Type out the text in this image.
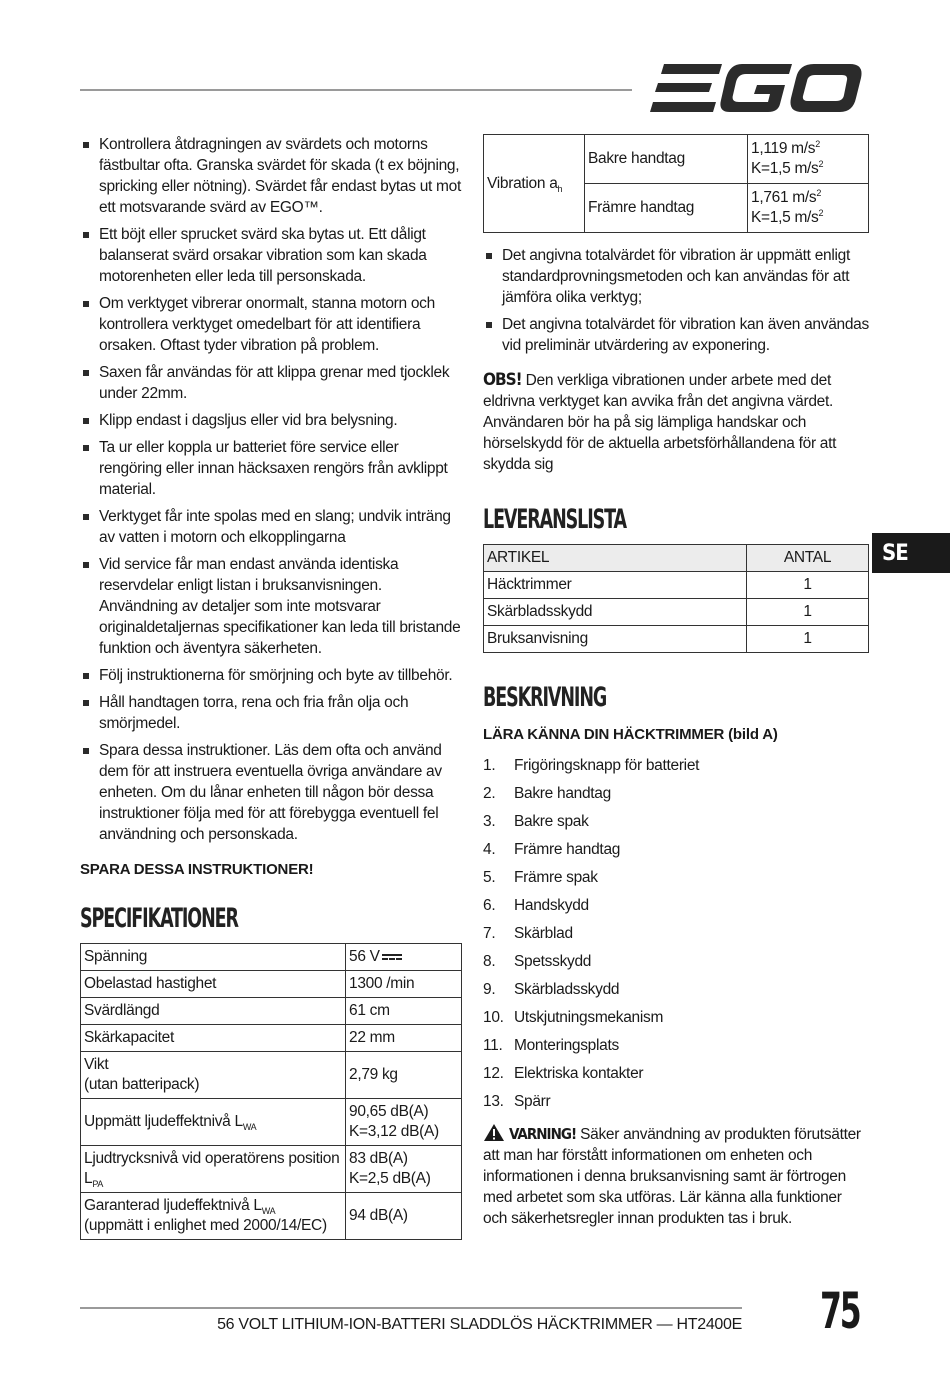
Kontrollera åtdragningen av svärdets och motorns fästbultar ofta. Granska svärdet för skada (t ex böjning, spricking eller nötning). Svärdet får endast bytas ut mot ett motsvarande svärd av EGO™.
Ett böjt eller sprucket svärd ska bytas ut. Ett dåligt balanserat svärd orsakar vibration som kan skada motorenheten eller leda till personskada.
Om verktyget vibrerar onormalt, stanna motorn och kontrollera verktyget omedelbart för att identifiera orsaken. Oftast tyder vibration på problem.
Saxen får användas för att klippa grenar med tjocklek under 22mm.
Klipp endast i dagsljus eller vid bra belysning.
Ta ur eller koppla ur batteriet före service eller rengöring eller innan häcksaxen rengörs från avklippt material.
Verktyget får inte spolas med en slang; undvik inträng av vatten i motorn och elkopplingarna
Vid service får man endast använda identiska reservdelar enligt listan i bruksanvisningen. Användning av detaljer som inte motsvarar originaldetaljernas specifikationer kan leda till bristande funktion och äventyra säkerheten.
Följ instruktionerna för smörjning och byte av tillbehör.
Håll handtagen torra, rena och fria från olja och smörjmedel.
Spara dessa instruktioner. Läs dem ofta och använd dem för att instruera eventuella övriga användare av enheten. Om du lånar enheten till någon bör dessa instruktioner följa med för att förebygga eventuell fel användning och personskada.

SPARA DESSA INSTRUKTIONER!

SPECIFIKATIONER
Spänning	56 V
Obelastad hastighet	1300 /min
Svärdlängd	61 cm
Skärkapacitet	22 mm
Vikt
(utan batteripack)	2,79 kg
Uppmätt ljudeffektnivå $L_{WA}$	90,65 dB(A)
K=3,12 dB(A)
Ljudtrycksnivå vid operatörens position $L_{PA}$	83 dB(A)
K=2,5 dB(A)
Garanterad ljudeffektnivå $L_{WA}$
(uppmätt i enlighet med 2000/14/EC)	94 dB(A)
Vibration $a_h$	Bakre handtag	1,119 $m/s^2$
K=1,5 $m/s^2$
	Främre handtag	1,761 $m/s^2$
K=1,5 $m/s^2$
Det angivna totalvärdet för vibration är uppmätt enligt standardprovningsmetoden och kan användas för att jämföra olika verktyg;
Det angivna totalvärdet för vibration kan även användas vid preliminär utvärdering av exponering.

OBS! Den verkliga vibrationen under arbete med det eldrivna verktyget kan avvika från det angivna värdet. Användaren bör ha på sig lämpliga handskar och hörselskydd för de aktuella arbetsförhållandena för att skydda sig

LEVERANSLISTA
ARTIKEL	ANTAL
Häcktrimmer	1
Skärbladsskydd	1
Bruksanvisning	1
BESKRIVNING

LÄRA KÄNNA DIN HÄCKTRIMMER (bild A)

1.	Frigöringsknapp för batteriet
2.	Bakre handtag
3.	Bakre spak
4.	Främre handtag
5.	Främre spak
6.	Handskydd
7.	Skärblad
8.	Spetsskydd
9.	Skärbladsskydd
10. Utskjutningsmekanism
11. Monteringsplats
12. Elektriska kontakter
13. Spärr

VARNING! Säker användning av produkten förutsätter att man har förstått informationen om enheten och informationen i denna bruksanvisning samt är förtrogen med arbetet som ska utföras. Lär känna alla funktioner och säkerhetsregler innan produkten tas i bruk.

SE
56 VOLT LITHIUM-ION-BATTERI SLADDLÖS HÄCKTRIMMER — HT2400E 75
